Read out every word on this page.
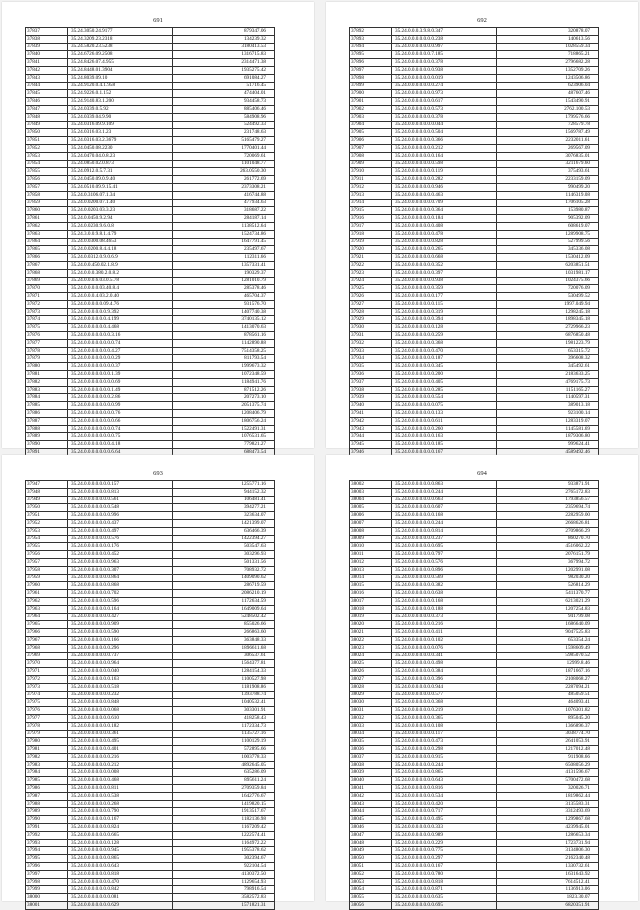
691
37837	35.24.3050.24.9177	879347.06
37838	35.24.3209.23.2318	134239.32
37839	35.24.5820.23.5238	3180413.53
37840	35.24.6726.09.2508	1316715.83
37841	35.24.8426.07.4.955	2314471.38
37842	35.24.8448.01.3904	1935275.42
37843	35.24.8039.09.10	691084.27
37844	35.24.9120.0.4.1.958	51716.45
37845	35.24.9226.0.1.152	474404.01
37846	35.24.9140.83.1.200	934458.73
37847	35.24.0339.0.5.92	885406.46
37848	35.24.0339.04.9.90	584908.96
37849	35.24.0316.09.9.109	524492.33
37850	35.24.0316.03.1.23	231748.63
37851	35.24.0316.03.2.3679	5165479.27
37852	35.24.0450.08.2230	1770401.44
37853	35.24.0470.04.0.8.23	720069.61
37854	35.24.0850.02.0.873	1101048.77
37855	35.24.0912.0.5.7.31	263.0550.30
37856	35.24.0450.09.0.9.40	261772.69
37857	35.24.0510.09.9.15.41	2373308.21
37858	35.24.0.3106.07.1.34	416744.88
37859	35.24.0.0200.07.1.40	477934.63
37860	35.24.0.0203.03.3.23	318687.22
37861	35.24.0.0450.9.2.94	284187.14
37862	35.24.0.0230.9.6.0.8	1138512.64
37863	35.24.3.0.0.9.8.1.4.79	1524734.86
37864	35.24.0.0300.08.4653	1647791.45
37865	35.24.0.0200.8.4.4.18	235497.67
37866	35.24.0.0312.0.9.0.6.9	112311.66
37867	35.24.0.0.450.02.1.8.9	1357331.41
37868	35.24.0.0.0.380.2.0.8.2	190329.37
37869	35.24.0.0.0.6.03.0.5.78	1281010.79
37870	35.24.0.0.0.0.03.40.8.4	285378.46
37871	35.24.0.0.0.4.03.2.0.40	465704.37
37872	35.24.0.0.0.0.0.09.4.76	931576.70
37873	35.24.0.0.0.0.0.0.9.392	1407740.38
37874	35.24.0.0.0.0.0.0.4.199	3740135.12
37875	35.24.0.0.0.0.0.0.4.468	1413070.63
37876	35.24.0.0.0.0.0.0.0.3.16	878561.16
37877	35.24.0.0.0.0.0.0.0.0.74	1142890.88
37878	35.24.0.0.0.0.0.0.0.4.27	7514358.25
37879	35.24.0.0.0.0.0.0.0.0.29	811793.54
37880	35.24.0.0.0.0.0.0.0.0.37	1999673.32
37881	35.24.0.0.0.0.0.0.0.1.39	1072348.59
37882	35.24.0.0.0.0.0.0.0.0.69	1184941.76
37883	35.24.0.0.0.0.0.0.0.1.49	871512.26
37884	35.24.0.0.0.0.0.0.0.2.86	207273.10
37885	35.24.0.0.0.0.0.0.0.0.99	2051375.74
37886	35.24.0.0.0.0.0.0.0.0.76	1208406.79
37887	35.24.0.0.0.0.0.0.0.0.66	1806756.24
37888	35.24.0.0.0.0.0.0.0.0.74	1522491.31
37889	35.24.0.0.0.0.0.0.0.0.75	1076531.65
37890	35.24.0.0.0.0.0.0.0.4.18	779821.27
37891	35.24.0.0.0.0.0.0.0.6.64	688473.54
692
37892	35.24.0.0.0.3.9.8.0.347	320878.07
37893	35.24.0.0.0.0.0.0.0.238	140613.56
37894	35.24.0.0.0.0.0.0.0.997	1028559.34
37895	35.24.0.0.0.0.0.0.7.185	718865.21
37896	35.24.0.0.0.0.0.0.0.378	2796682.28
37897	35.24.0.0.0.0.0.0.0.938	1352709.26
37898	35.24.0.0.0.0.0.0.0.019	1243506.86
37899	35.24.0.0.0.0.0.0.0.274	623906.04
37900	35.24.0.0.0.0.0.0.0.973	487607.46
37901	35.24.0.0.0.0.0.0.0.617	1543490.91
37902	35.24.0.0.0.0.0.0.0.573	2762.100.53
37903	35.24.0.0.0.0.0.0.0.378	1799576.66
37904	35.24.0.0.0.0.0.0.0.044	728579.78
37905	35.24.0.0.0.0.0.0.0.504	1569787.49
37906	35.24.0.0.0.0.0.0.0.366	2232011.61
37907	35.24.0.0.0.0.0.0.0.212	269567.09
37908	35.24.0.0.0.0.0.0.0.164	3076835.01
37909	35.24.0.0.0.0.0.0.0.598	3211679.60
37910	35.24.0.0.0.0.0.0.0.119	375493.61
37911	35.24.0.0.0.0.0.0.0.282	2233159.09
37912	35.24.0.0.0.0.0.0.0.946	990499.20
37913	35.24.0.0.0.0.0.0.0.463	1146319.08
37914	35.24.0.0.0.0.0.0.0.709	1706105.28
37915	35.24.0.0.0.0.0.0.0.364	153980.87
37916	35.24.0.0.0.0.0.0.0.184	905392.09
37917	35.24.0.0.0.0.0.0.0.408	608619.07
37918	35.24.0.0.0.0.0.0.0.478	1289908.75
37919	35.24.0.0.0.0.0.0.0.828	527999.56
37920	35.24.0.0.0.0.0.0.0.265	345336.08
37921	35.24.0.0.0.0.0.0.0.668	1530412.09
37922	35.24.0.0.0.0.0.0.0.352	6203851.51
37923	35.24.0.0.0.0.0.0.0.397	1031981.17
37924	35.24.0.0.0.0.0.0.0.938	1024375.66
37925	35.24.0.0.0.0.0.0.0.359	720076.09
37926	35.24.0.0.0.0.0.0.0.177	530499.52
37927	35.24.0.0.0.0.0.0.0.115	1997.049.94
37928	35.24.0.0.0.0.0.0.0.319	1298245.18
37929	35.24.0.0.0.0.0.0.0.394	1898345.18
37930	35.24.0.0.0.0.0.0.0.128	2729966.23
37931	35.24.0.0.0.0.0.0.0.259	6876850.48
37932	35.24.0.0.0.0.0.0.0.368	1981223.79
37933	35.24.0.0.0.0.0.0.0.470	653315.72
37934	35.24.0.0.0.0.0.0.0.187	396608.32
37935	35.24.0.0.0.0.0.0.0.345	345492.61
37936	35.24.0.0.0.0.0.0.0.200	2183633.25
37937	35.24.0.0.0.0.0.0.0.405	4769175.73
37938	35.24.0.0.0.0.0.0.0.285	1151165.27
37939	35.24.0.0.0.0.0.0.0.554	1140597.31
37940	35.24.0.0.0.0.0.0.0.075	389013.18
37941	35.24.0.0.0.0.0.0.0.133	923100.14
37942	35.24.0.0.0.0.0.0.0.611	1283319.07
37943	35.24.0.0.0.0.0.0.0.260	1145581.69
37944	35.24.0.0.0.0.0.0.0.163	1879306.80
37945	35.24.0.0.0.0.0.0.0.185	999624.41
37946	35.24.0.0.0.0.0.0.0.167	4589492.46
693
37947	35.24.0.0.0.0.0.0.0.157	1255771.16
37948	35.24.0.0.0.0.0.0.0.813	944152.32
37949	35.24.0.0.0.0.0.0.0.561	106481.41
37950	35.24.0.0.0.0.0.0.0.548	394277.21
37951	35.24.0.0.0.0.0.0.0.996	323634.07
37952	35.24.0.0.0.0.0.0.0.437	1421399.07
37953	35.24.0.0.0.0.0.0.0.497	636466.39
37954	35.24.0.0.0.0.0.0.0.576	1422394.27
37955	35.24.0.0.0.0.0.0.0.176	503547.63
37956	35.24.0.0.0.0.0.0.0.452	303296.93
37957	35.24.0.0.0.0.0.0.0.963	501331.56
37958	35.24.0.0.0.0.0.0.0.307	708932.72
37959	35.24.0.0.0.0.0.0.0.864	1409090.62
37960	35.24.0.0.0.0.0.0.0.868	286719.59
37961	35.24.0.0.0.0.0.0.0.702	2086210.19
37962	35.24.0.0.0.0.0.0.0.596	1172634.59
37963	35.24.0.0.0.0.0.0.0.164	1649009.64
37964	35.24.0.0.0.0.0.0.0.427	5248502.42
37965	35.24.0.0.0.0.0.0.0.909	855026.66
37966	35.24.0.0.0.0.0.0.0.590	266863.60
37967	35.24.0.0.0.0.0.0.0.166	363848.33
37968	35.24.0.0.0.0.0.0.0.296	1896611.68
37969	35.24.0.0.0.0.0.0.0.737	306537.61
37970	35.24.0.0.0.0.0.0.0.964	1564377.81
37971	35.24.0.0.0.0.0.0.0.040	1284154.33
37972	35.24.0.0.0.0.0.0.0.163	1100527.98
37973	35.24.0.0.0.0.0.0.0.518	1181908.86
37974	35.24.0.0.0.0.0.0.0.232	1393788.74
37975	35.24.0.0.0.0.0.0.0.848	1040532.41
37976	35.24.0.0.0.0.0.0.0.068	303301.91
37977	35.24.0.0.0.0.0.0.0.610	418258.43
37978	35.24.0.0.0.0.0.0.0.182	1172334.73
37979	35.24.0.0.0.0.0.0.0.361	1135727.16
37980	35.24.0.0.0.0.0.0.0.495	1100129.19
37981	35.24.0.0.0.0.0.0.0.401	572895.66
37982	35.24.0.0.0.0.0.0.0.216	1003778.33
37983	35.24.0.0.0.0.0.0.0.212	4892645.05
37984	35.24.0.0.0.0.0.0.0.008	635286.09
37985	35.24.0.0.0.0.0.0.0.468	895611.24
37986	35.24.0.0.0.0.0.0.0.811	2709359.84
37987	35.24.0.0.0.0.0.0.0.538	1642776.67
37988	35.24.0.0.0.0.0.0.0.268	1419820.15
37989	35.24.0.0.0.0.0.0.0.790	1913517.67
37990	35.24.0.0.0.0.0.0.0.167	1182136.98
37991	35.24.0.0.0.0.0.0.0.824	1167209.42
37992	35.24.0.0.0.0.0.0.0.665	1222574.41
37993	35.24.0.0.0.0.0.0.0.128	1164972.22
37994	35.24.0.0.0.0.0.0.0.945	1955378.62
37995	35.24.0.0.0.0.0.0.0.865	302394.67
37996	35.24.0.0.0.0.0.0.0.643	922104.54
37997	35.24.0.0.0.0.0.0.0.818	4130372.50
37998	35.24.0.0.0.0.0.0.0.470	1129654.93
37999	35.24.0.0.0.0.0.0.0.842	798916.54
38000	35.24.0.0.0.0.0.0.0.081	3582572.83
38001	35.24.0.0.0.0.0.0.0.629	1571821.31
694
38002	35.24.0.0.0.0.0.0.0.863	933871.91
38003	35.24.0.0.0.0.0.0.0.244	2765172.83
38004	35.24.0.0.0.0.0.0.0.663	1793856.57
38005	35.24.0.0.0.0.0.0.0.607	2359694.74
38006	35.24.0.0.0.0.0.0.0.168	2282959.00
38007	35.24.0.0.0.0.0.0.0.244	2668626.81
38008	35.24.0.0.0.0.0.0.0.814	2709866.29
38009	35.24.0.0.0.0.0.0.0.237	860270.70
38010	35.24.0.0.0.0.0.0.0.695	4516062.22
38011	35.24.0.0.0.0.0.0.0.797	2076151.79
38012	35.24.0.0.0.0.0.0.0.576	367994.72
38013	35.24.0.0.0.0.0.0.0.896	1202991.08
38014	35.24.0.0.0.0.0.0.0.569	982030.20
38015	35.24.0.0.0.0.0.0.0.382	526814.29
38016	35.24.0.0.0.0.0.0.0.638	5411370.77
38017	35.24.0.0.0.0.0.0.0.168	6213021.29
38018	35.24.0.0.0.0.0.0.0.188	1207254.83
38019	35.24.0.0.0.0.0.0.0.373	941799.08
38020	35.24.0.0.0.0.0.0.0.216	1686640.09
38021	35.24.0.0.0.0.0.0.0.411	9047525.83
38022	35.24.0.0.0.0.0.0.0.102	653354.24
38023	35.24.0.0.0.0.0.0.0.076	1598609.49
38024	35.24.0.0.0.0.0.0.0.341	5985070.52
38025	35.24.0.0.0.0.0.0.0.498	12999.8.46
38026	35.24.0.0.0.0.0.0.0.384	1871667.16
38027	35.24.0.0.0.0.0.0.0.396	2108068.27
38028	35.24.0.0.0.0.0.0.0.944	2287094.21
38029	35.24.0.0.0.0.0.0.0.577	485059.51
38030	35.24.0.0.0.0.0.0.0.368	464093.41
38031	35.24.0.0.0.0.0.0.0.219	1076301.82
38032	35.24.0.0.0.0.0.0.0.365	895045.20
38033	35.24.0.0.0.0.0.0.0.108	1366896.37
38034	35.24.0.0.0.0.0.0.0.117	3038774.70
38035	35.24.0.0.0.0.0.0.0.473	2641053.91
38036	35.24.0.0.0.0.0.0.0.298	1217012.48
38037	35.24.0.0.0.0.0.0.0.915	911908.66
38038	35.24.0.0.0.0.0.0.0.244	6508056.29
38039	35.24.0.0.0.0.0.0.0.865	4131596.67
38040	35.24.0.0.0.0.0.0.0.643	5700472.68
38041	35.24.0.0.0.0.0.0.0.816	320026.71
38042	35.24.0.0.0.0.0.0.0.534	1819862.44
38043	35.24.0.0.0.0.0.0.0.420	3135583.31
38044	35.24.0.0.0.0.0.0.0.717	3312493.69
38045	35.24.0.0.0.0.0.0.0.495	1299867.68
38046	35.24.0.0.0.0.0.0.0.333	4239945.01
38047	35.24.0.0.0.0.0.0.0.989	1286653.34
38048	35.24.0.0.0.0.0.0.0.229	1723731.94
38049	35.24.0.0.0.0.0.0.0.775	3134806.30
38050	35.24.0.0.0.0.0.0.0.297	2162340.48
38051	35.24.0.0.0.0.0.0.0.167	1330732.61
38052	35.24.0.0.0.0.0.0.0.780	1631643.92
38053	35.24.0.0.0.0.0.0.0.818	7614512.41
38054	35.24.0.0.0.0.0.0.0.871	1136913.06
38055	35.24.0.0.0.0.0.0.0.635	1823.30.07
38056	35.24.0.0.0.0.0.0.0.695	6820351.91
